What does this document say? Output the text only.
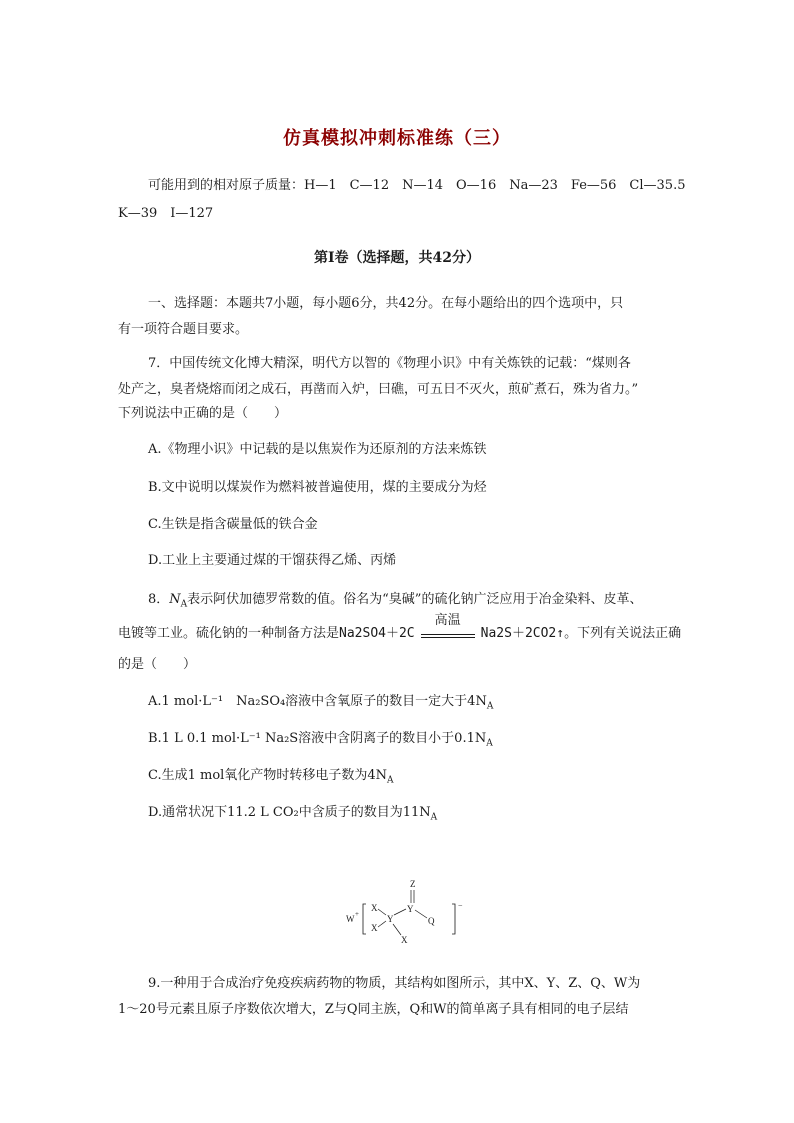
仿真模拟冲刺标准练（三）
可能用到的相对原子质量：H—1　C—12　N—14　O—16　Na—23　Fe—56　Cl—35.5
K—39　I—127
第Ⅰ卷（选择题，共42分）
一、选择题：本题共7小题，每小题6分，共42分。在每小题给出的四个选项中，只
有一项符合题目要求。
7．中国传统文化博大精深，明代方以智的《物理小识》中有关炼铁的记载：“煤则各
处产之，臭者烧熔而闭之成石，再凿而入炉，曰礁，可五日不灭火，煎矿煮石，殊为省力。”
下列说法中正确的是（　　）
A.《物理小识》中记载的是以焦炭作为还原剂的方法来炼铁
B.文中说明以煤炭作为燃料被普遍使用，煤的主要成分为烃
C.生铁是指含碳量低的铁合金
D.工业上主要通过煤的干馏获得乙烯、丙烯
8．$N_A$表示阿伏加德罗常数的值。俗名为“臭碱”的硫化钠广泛应用于冶金染料、皮革、
电镀等工业。硫化钠的一种制备方法是Na2SO4＋2C
高温
Na2S＋2CO2↑。下列有关说法正确
的是（　　）
A.1 mol·L⁻¹　Na₂SO₄溶液中含氧原子的数目一定大于$4N_A$
B.1 L 0.1 mol·L⁻¹ Na₂S溶液中含阴离子的数目小于$0.1N_A$
C.生成1 mol氧化产物时转移电子数为$4N_A$
D.通常状况下11.2 L CO₂中含质子的数目为$11N_A$
W +
X
X
Y
Y
Z
Q
X
−
9.一种用于合成治疗免疫疾病药物的物质，其结构如图所示，其中X、Y、Z、Q、W为
1～20号元素且原子序数依次增大，Z与Q同主族，Q和W的简单离子具有相同的电子层结
